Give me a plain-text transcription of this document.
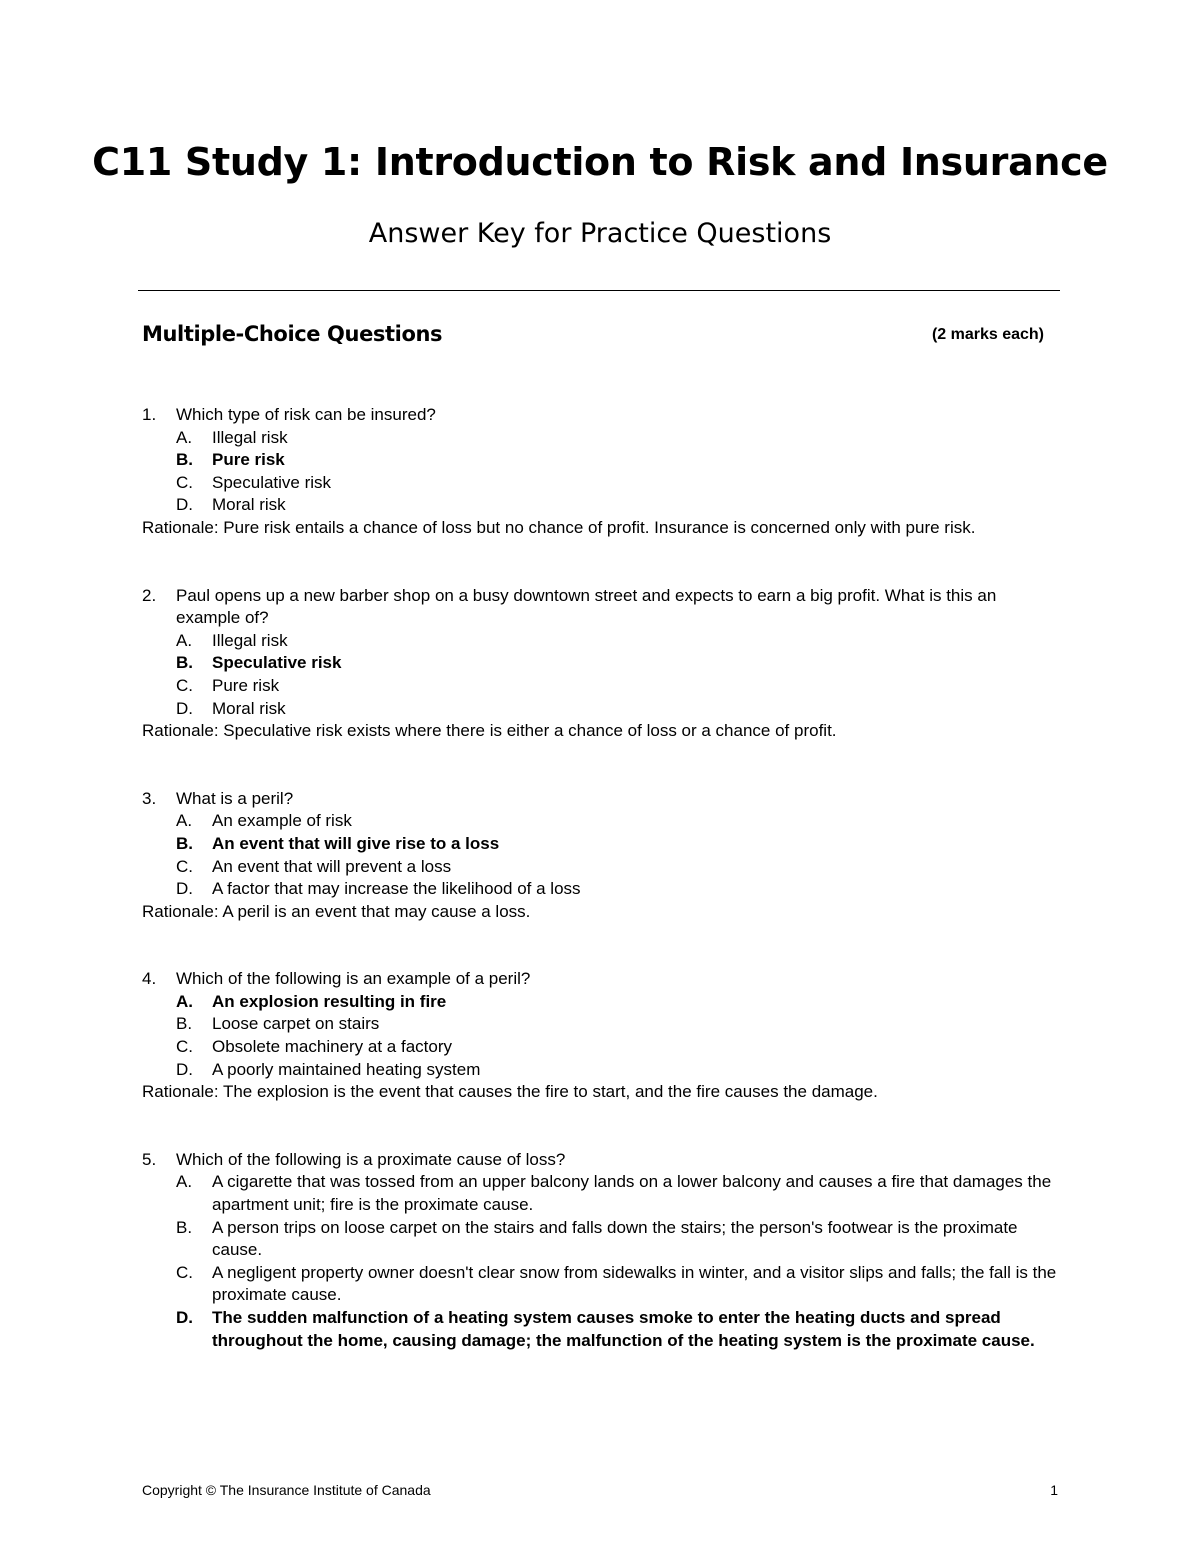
C11 Study 1: Introduction to Risk and Insurance
Answer Key for Practice Questions
Multiple-Choice Questions	(2 marks each)
1.	Which type of risk can be insured?
A.	Illegal risk
B.	Pure risk
C.	Speculative risk
D.	Moral risk

Rationale: Pure risk entails a chance of loss but no chance of profit. Insurance is concerned only with pure risk.

2.	Paul opens up a new barber shop on a busy downtown street and expects to earn a big profit. What is this an example of?
A.	Illegal risk
B.	Speculative risk
C.	Pure risk
D.	Moral risk

Rationale: Speculative risk exists where there is either a chance of loss or a chance of profit.

3.	What is a peril?
A.	An example of risk
B.	An event that will give rise to a loss
C.	An event that will prevent a loss
D.	A factor that may increase the likelihood of a loss

Rationale: A peril is an event that may cause a loss.

4.	Which of the following is an example of a peril?
A.	An explosion resulting in fire
B.	Loose carpet on stairs
C.	Obsolete machinery at a factory
D.	A poorly maintained heating system

Rationale: The explosion is the event that causes the fire to start, and the fire causes the damage.

5.	Which of the following is a proximate cause of loss?
A.	A cigarette that was tossed from an upper balcony lands on a lower balcony and causes a fire that damages the apartment unit; fire is the proximate cause.
B.	A person trips on loose carpet on the stairs and falls down the stairs; the person's footwear is the proximate cause.
C.	A negligent property owner doesn't clear snow from sidewalks in winter, and a visitor slips and falls; the fall is the proximate cause.
D.	The sudden malfunction of a heating system causes smoke to enter the heating ducts and spread throughout the home, causing damage; the malfunction of the heating system is the proximate cause.
Copyright © The Insurance Institute of Canada	1
